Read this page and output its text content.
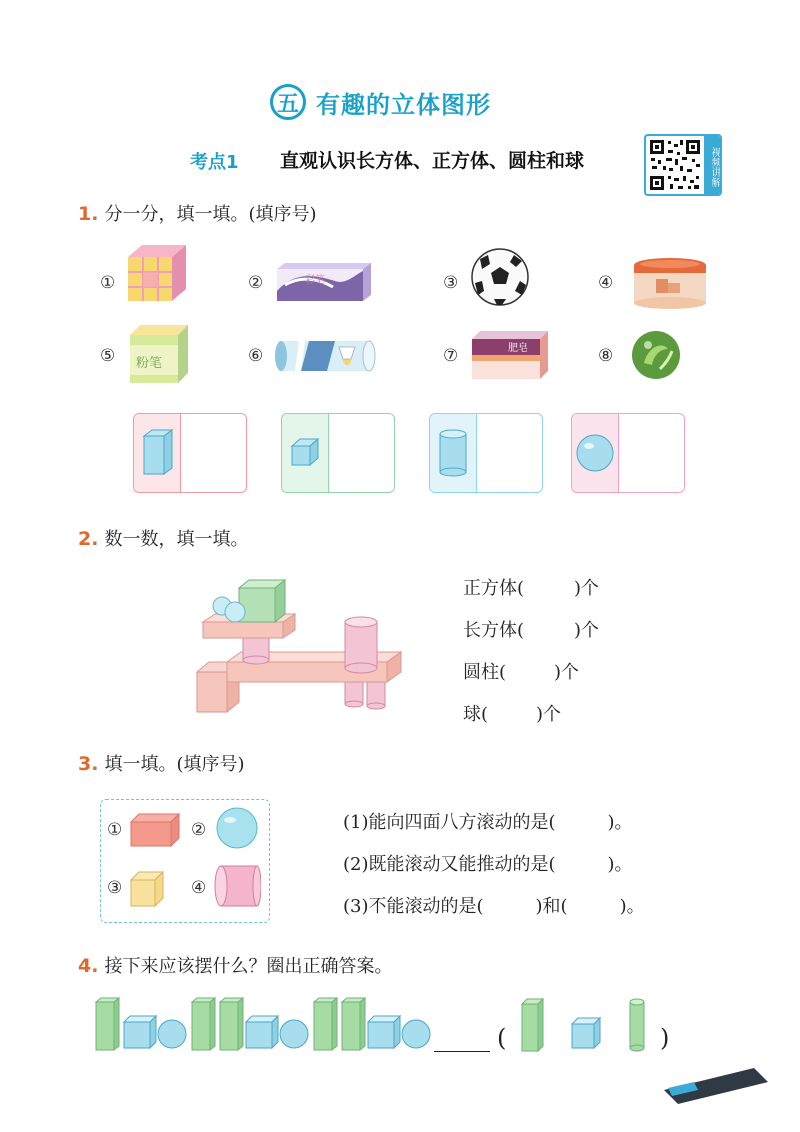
五 有趣的立体图形
考点1 直观认识长方体、正方体、圆柱和球	视频讲解
1. 分一分，填一填。(填序号)
①	②	彩笔	③	④
⑤ 粉笔	⑥	⑦	肥皂	⑧
2. 数一数，填一填。
正方体(	)个
长方体(	)个
圆柱(	)个
球(	)个
3. 填一填。(填序号)
①	②
③	④
(1)能向四面八方滚动的是(	)。
(2)既能滚动又能推动的是(	)。
(3)不能滚动的是(	)和(	)。
4. 接下来应该摆什么？圈出正确答案。
(	)
